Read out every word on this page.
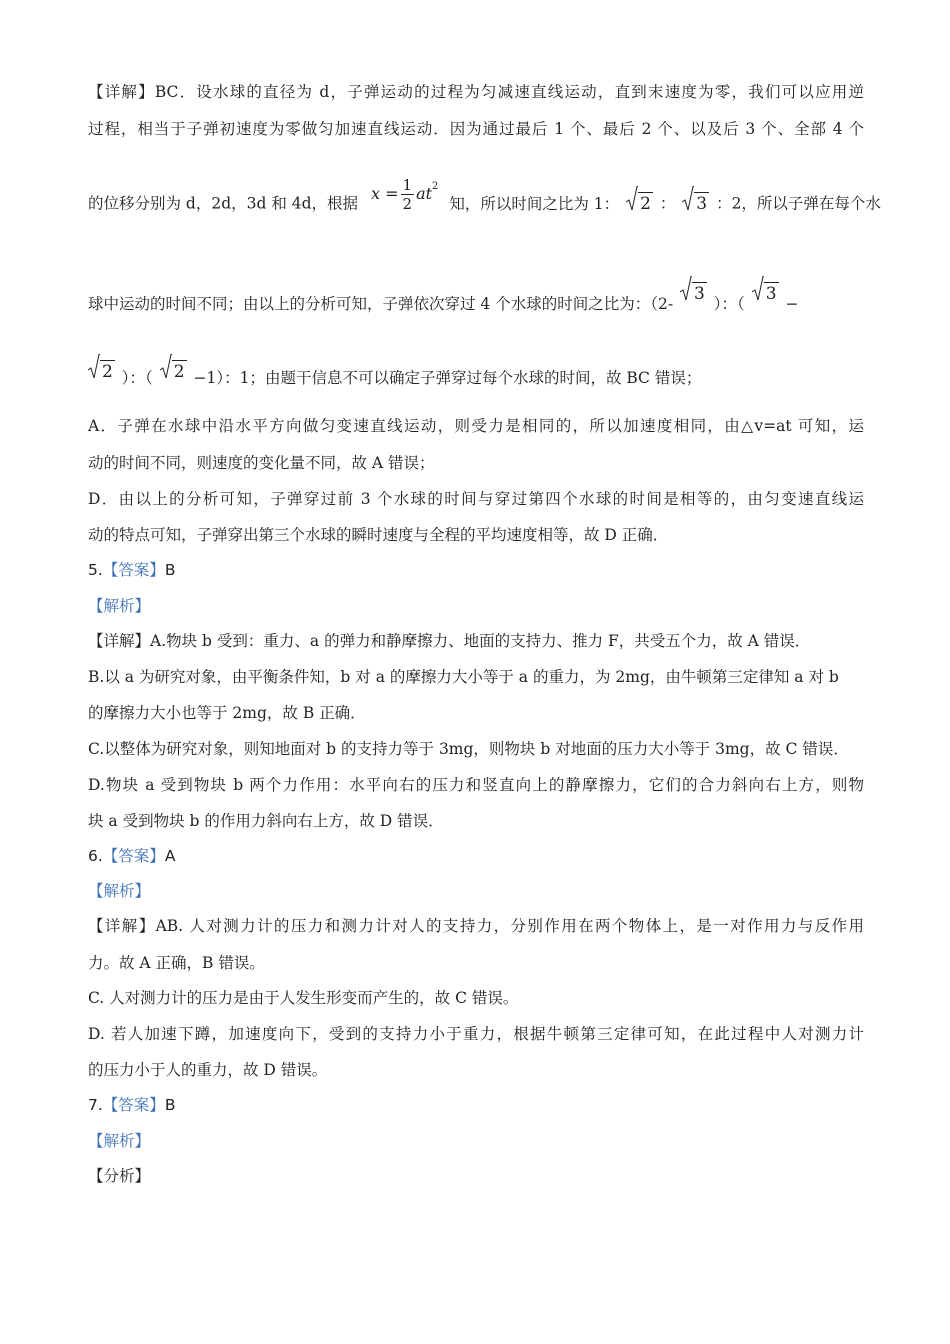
【详解】BC．设水球的直径为 d，子弹运动的过程为匀减速直线运动，直到末速度为零，我们可以应用逆
过程，相当于子弹初速度为零做匀加速直线运动．因为通过最后 1 个、最后 2 个、以及后 3 个、全部 4 个
的位移分别为 d，2d，3d 和 4d，根据 $x = \frac{1}{2} at^2$ 知，所以时间之比为 1： 2 ： 3 ：2，所以子弹在每个水
球中运动的时间不同；由以上的分析可知，子弹依次穿过 4 个水球的时间之比为：（2- 3 ）：（ 3 −
2 ）：（ 2 −1）：1；由题干信息不可以确定子弹穿过每个水球的时间，故 BC 错误；
A．子弹在水球中沿水平方向做匀变速直线运动，则受力是相同的，所以加速度相同，由△v=at 可知，运
动的时间不同，则速度的变化量不同，故 A 错误；
D．由以上的分析可知，子弹穿过前 3 个水球的时间与穿过第四个水球的时间是相等的，由匀变速直线运
动的特点可知，子弹穿出第三个水球的瞬时速度与全程的平均速度相等，故 D 正确．
5.【答案】B
【解析】
【详解】A.物块 b 受到：重力、a 的弹力和静摩擦力、地面的支持力、推力 F，共受五个力，故 A 错误．
B.以 a 为研究对象，由平衡条件知，b 对 a 的摩擦力大小等于 a 的重力，为 2mg，由牛顿第三定律知 a 对 b
的摩擦力大小也等于 2mg，故 B 正确．
C.以整体为研究对象，则知地面对 b 的支持力等于 3mg，则物块 b 对地面的压力大小等于 3mg，故 C 错误．
D.物块 a 受到物块 b 两个力作用：水平向右的压力和竖直向上的静摩擦力，它们的合力斜向右上方，则物
块 a 受到物块 b 的作用力斜向右上方，故 D 错误．
6.【答案】A
【解析】
【详解】AB. 人对测力计的压力和测力计对人的支持力，分别作用在两个物体上，是一对作用力与反作用
力。故 A 正确，B 错误。
C. 人对测力计的压力是由于人发生形变而产生的，故 C 错误。
D. 若人加速下蹲，加速度向下，受到的支持力小于重力，根据牛顿第三定律可知，在此过程中人对测力计
的压力小于人的重力，故 D 错误。
7.【答案】B
【解析】
【分析】
